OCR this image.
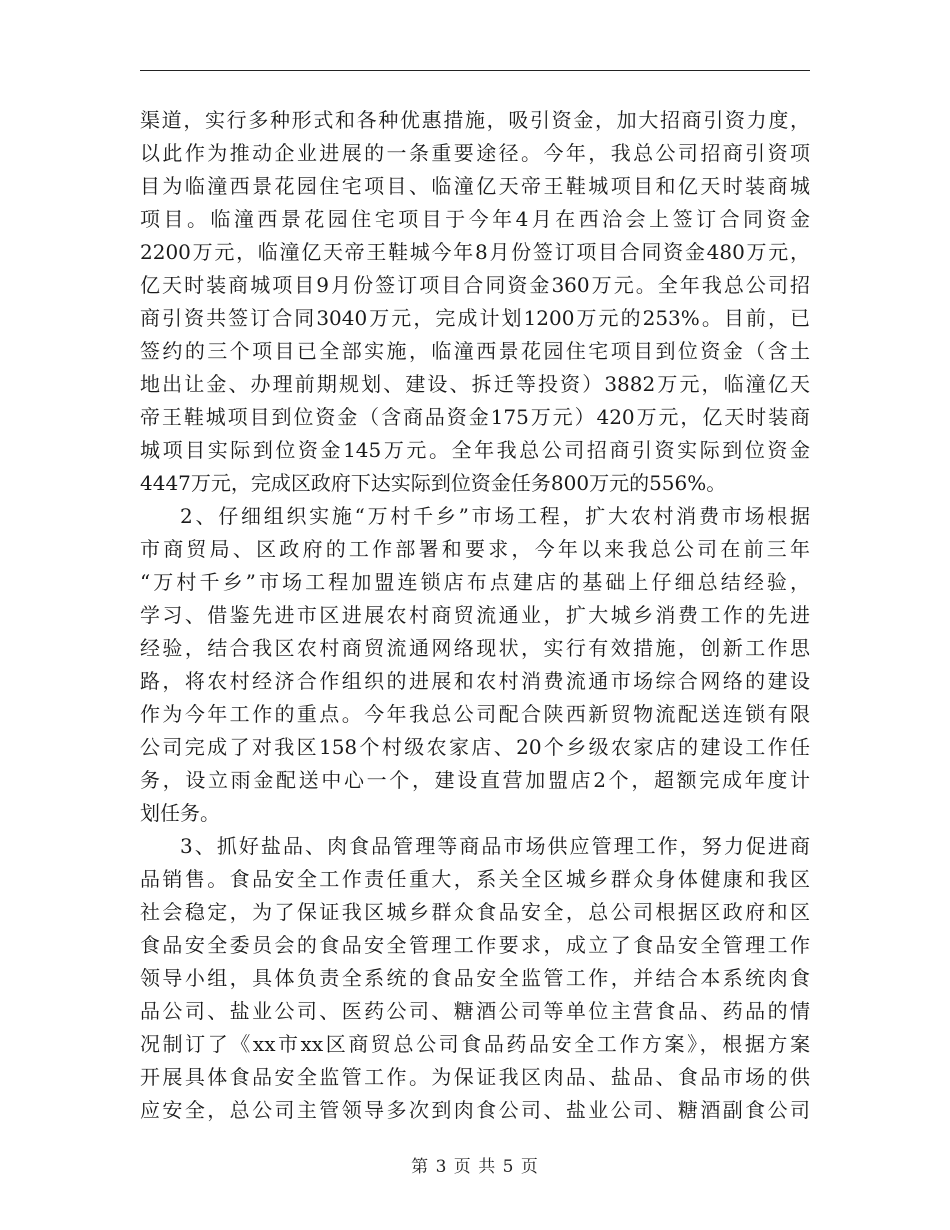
渠道，实行多种形式和各种优惠措施，吸引资金，加大招商引资力度，
以此作为推动企业进展的一条重要途径。今年，我总公司招商引资项
目为临潼西景花园住宅项目、临潼亿天帝王鞋城项目和亿天时装商城
项目。临潼西景花园住宅项目于今年4月在西洽会上签订合同资金
2200万元，临潼亿天帝王鞋城今年8月份签订项目合同资金480万元，
亿天时装商城项目9月份签订项目合同资金360万元。全年我总公司招
商引资共签订合同3040万元，完成计划1200万元的253%。目前，已
签约的三个项目已全部实施，临潼西景花园住宅项目到位资金（含土
地出让金、办理前期规划、建设、拆迁等投资）3882万元，临潼亿天
帝王鞋城项目到位资金（含商品资金175万元）420万元，亿天时装商
城项目实际到位资金145万元。全年我总公司招商引资实际到位资金
4447万元，完成区政府下达实际到位资金任务800万元的556%。
2、仔细组织实施“万村千乡”市场工程，扩大农村消费市场根据
市商贸局、区政府的工作部署和要求，今年以来我总公司在前三年
“万村千乡”市场工程加盟连锁店布点建店的基础上仔细总结经验，
学习、借鉴先进市区进展农村商贸流通业，扩大城乡消费工作的先进
经验，结合我区农村商贸流通网络现状，实行有效措施，创新工作思
路，将农村经济合作组织的进展和农村消费流通市场综合网络的建设
作为今年工作的重点。今年我总公司配合陕西新贸物流配送连锁有限
公司完成了对我区158个村级农家店、20个乡级农家店的建设工作任
务，设立雨金配送中心一个，建设直营加盟店2个，超额完成年度计
划任务。
3、抓好盐品、肉食品管理等商品市场供应管理工作，努力促进商
品销售。食品安全工作责任重大，系关全区城乡群众身体健康和我区
社会稳定，为了保证我区城乡群众食品安全，总公司根据区政府和区
食品安全委员会的食品安全管理工作要求，成立了食品安全管理工作
领导小组，具体负责全系统的食品安全监管工作，并结合本系统肉食
品公司、盐业公司、医药公司、糖酒公司等单位主营食品、药品的情
况制订了《xx市xx区商贸总公司食品药品安全工作方案》，根据方案
开展具体食品安全监管工作。为保证我区肉品、盐品、食品市场的供
应安全，总公司主管领导多次到肉食公司、盐业公司、糖酒副食公司
第 3 页 共 5 页
